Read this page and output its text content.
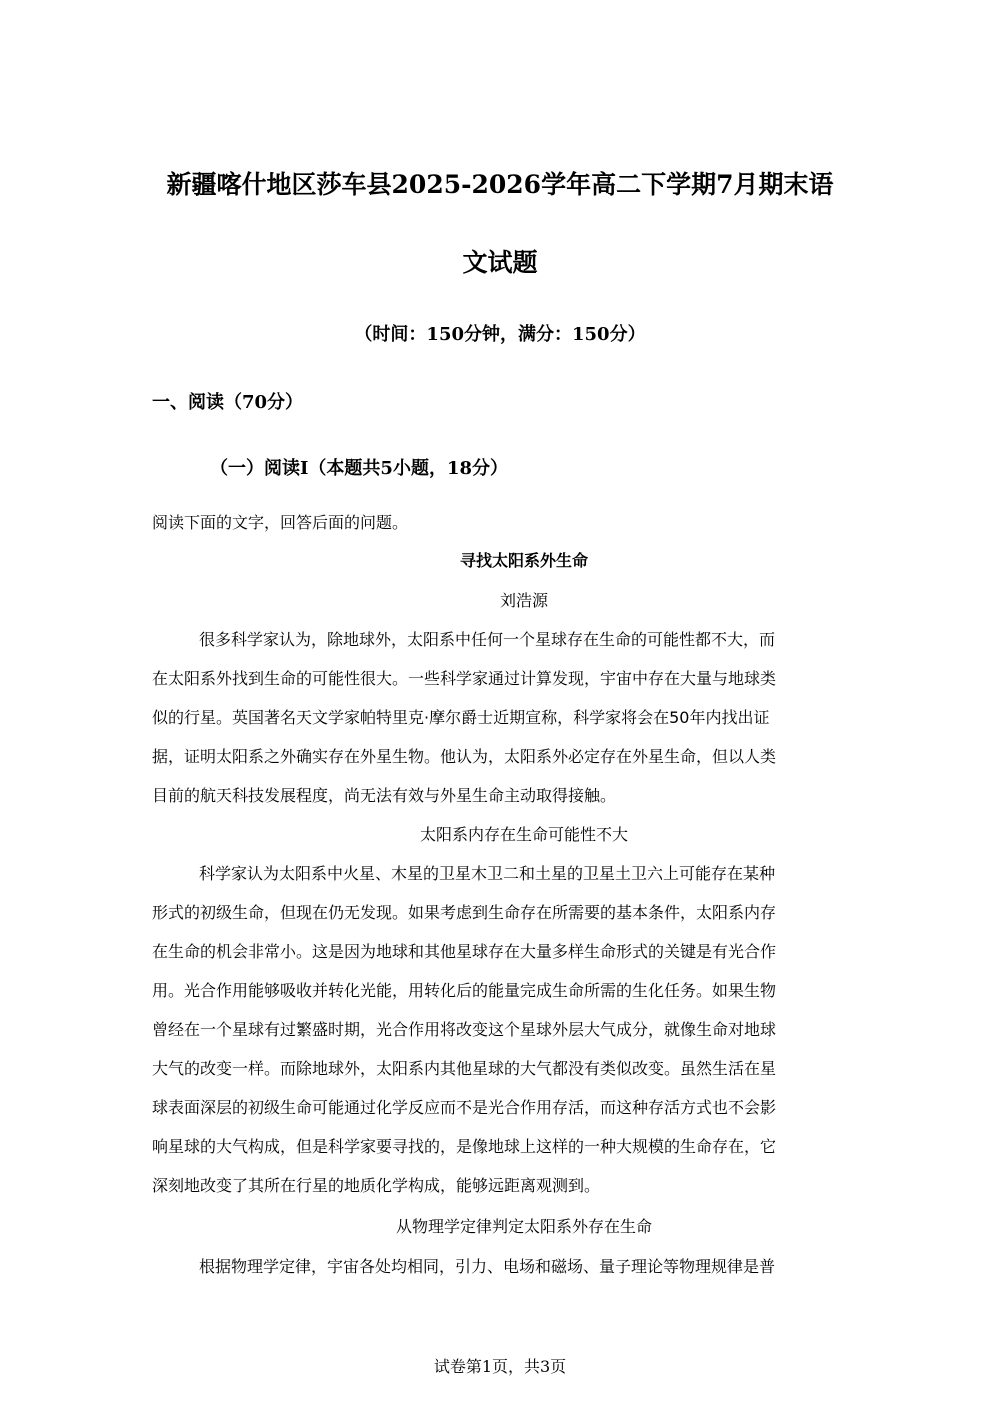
新疆喀什地区莎车县2025-2026学年高二下学期7月期末语
文试题
（时间：150分钟，满分：150分）
一、阅读（70分）
（一）阅读Ⅰ（本题共5小题，18分）
阅读下面的文字，回答后面的问题。
寻找太阳系外生命
刘浩源
很多科学家认为，除地球外，太阳系中任何一个星球存在生命的可能性都不大，而
在太阳系外找到生命的可能性很大。一些科学家通过计算发现，宇宙中存在大量与地球类
似的行星。英国著名天文学家帕特里克·摩尔爵士近期宣称，科学家将会在50年内找出证
据，证明太阳系之外确实存在外星生物。他认为，太阳系外必定存在外星生命，但以人类
目前的航天科技发展程度，尚无法有效与外星生命主动取得接触。
太阳系内存在生命可能性不大
科学家认为太阳系中火星、木星的卫星木卫二和土星的卫星土卫六上可能存在某种
形式的初级生命，但现在仍无发现。如果考虑到生命存在所需要的基本条件，太阳系内存
在生命的机会非常小。这是因为地球和其他星球存在大量多样生命形式的关键是有光合作
用。光合作用能够吸收并转化光能，用转化后的能量完成生命所需的生化任务。如果生物
曾经在一个星球有过繁盛时期，光合作用将改变这个星球外层大气成分，就像生命对地球
大气的改变一样。而除地球外，太阳系内其他星球的大气都没有类似改变。虽然生活在星
球表面深层的初级生命可能通过化学反应而不是光合作用存活，而这种存活方式也不会影
响星球的大气构成，但是科学家要寻找的，是像地球上这样的一种大规模的生命存在，它
深刻地改变了其所在行星的地质化学构成，能够远距离观测到。
从物理学定律判定太阳系外存在生命
根据物理学定律，宇宙各处均相同，引力、电场和磁场、量子理论等物理规律是普
试卷第1页，共3页
